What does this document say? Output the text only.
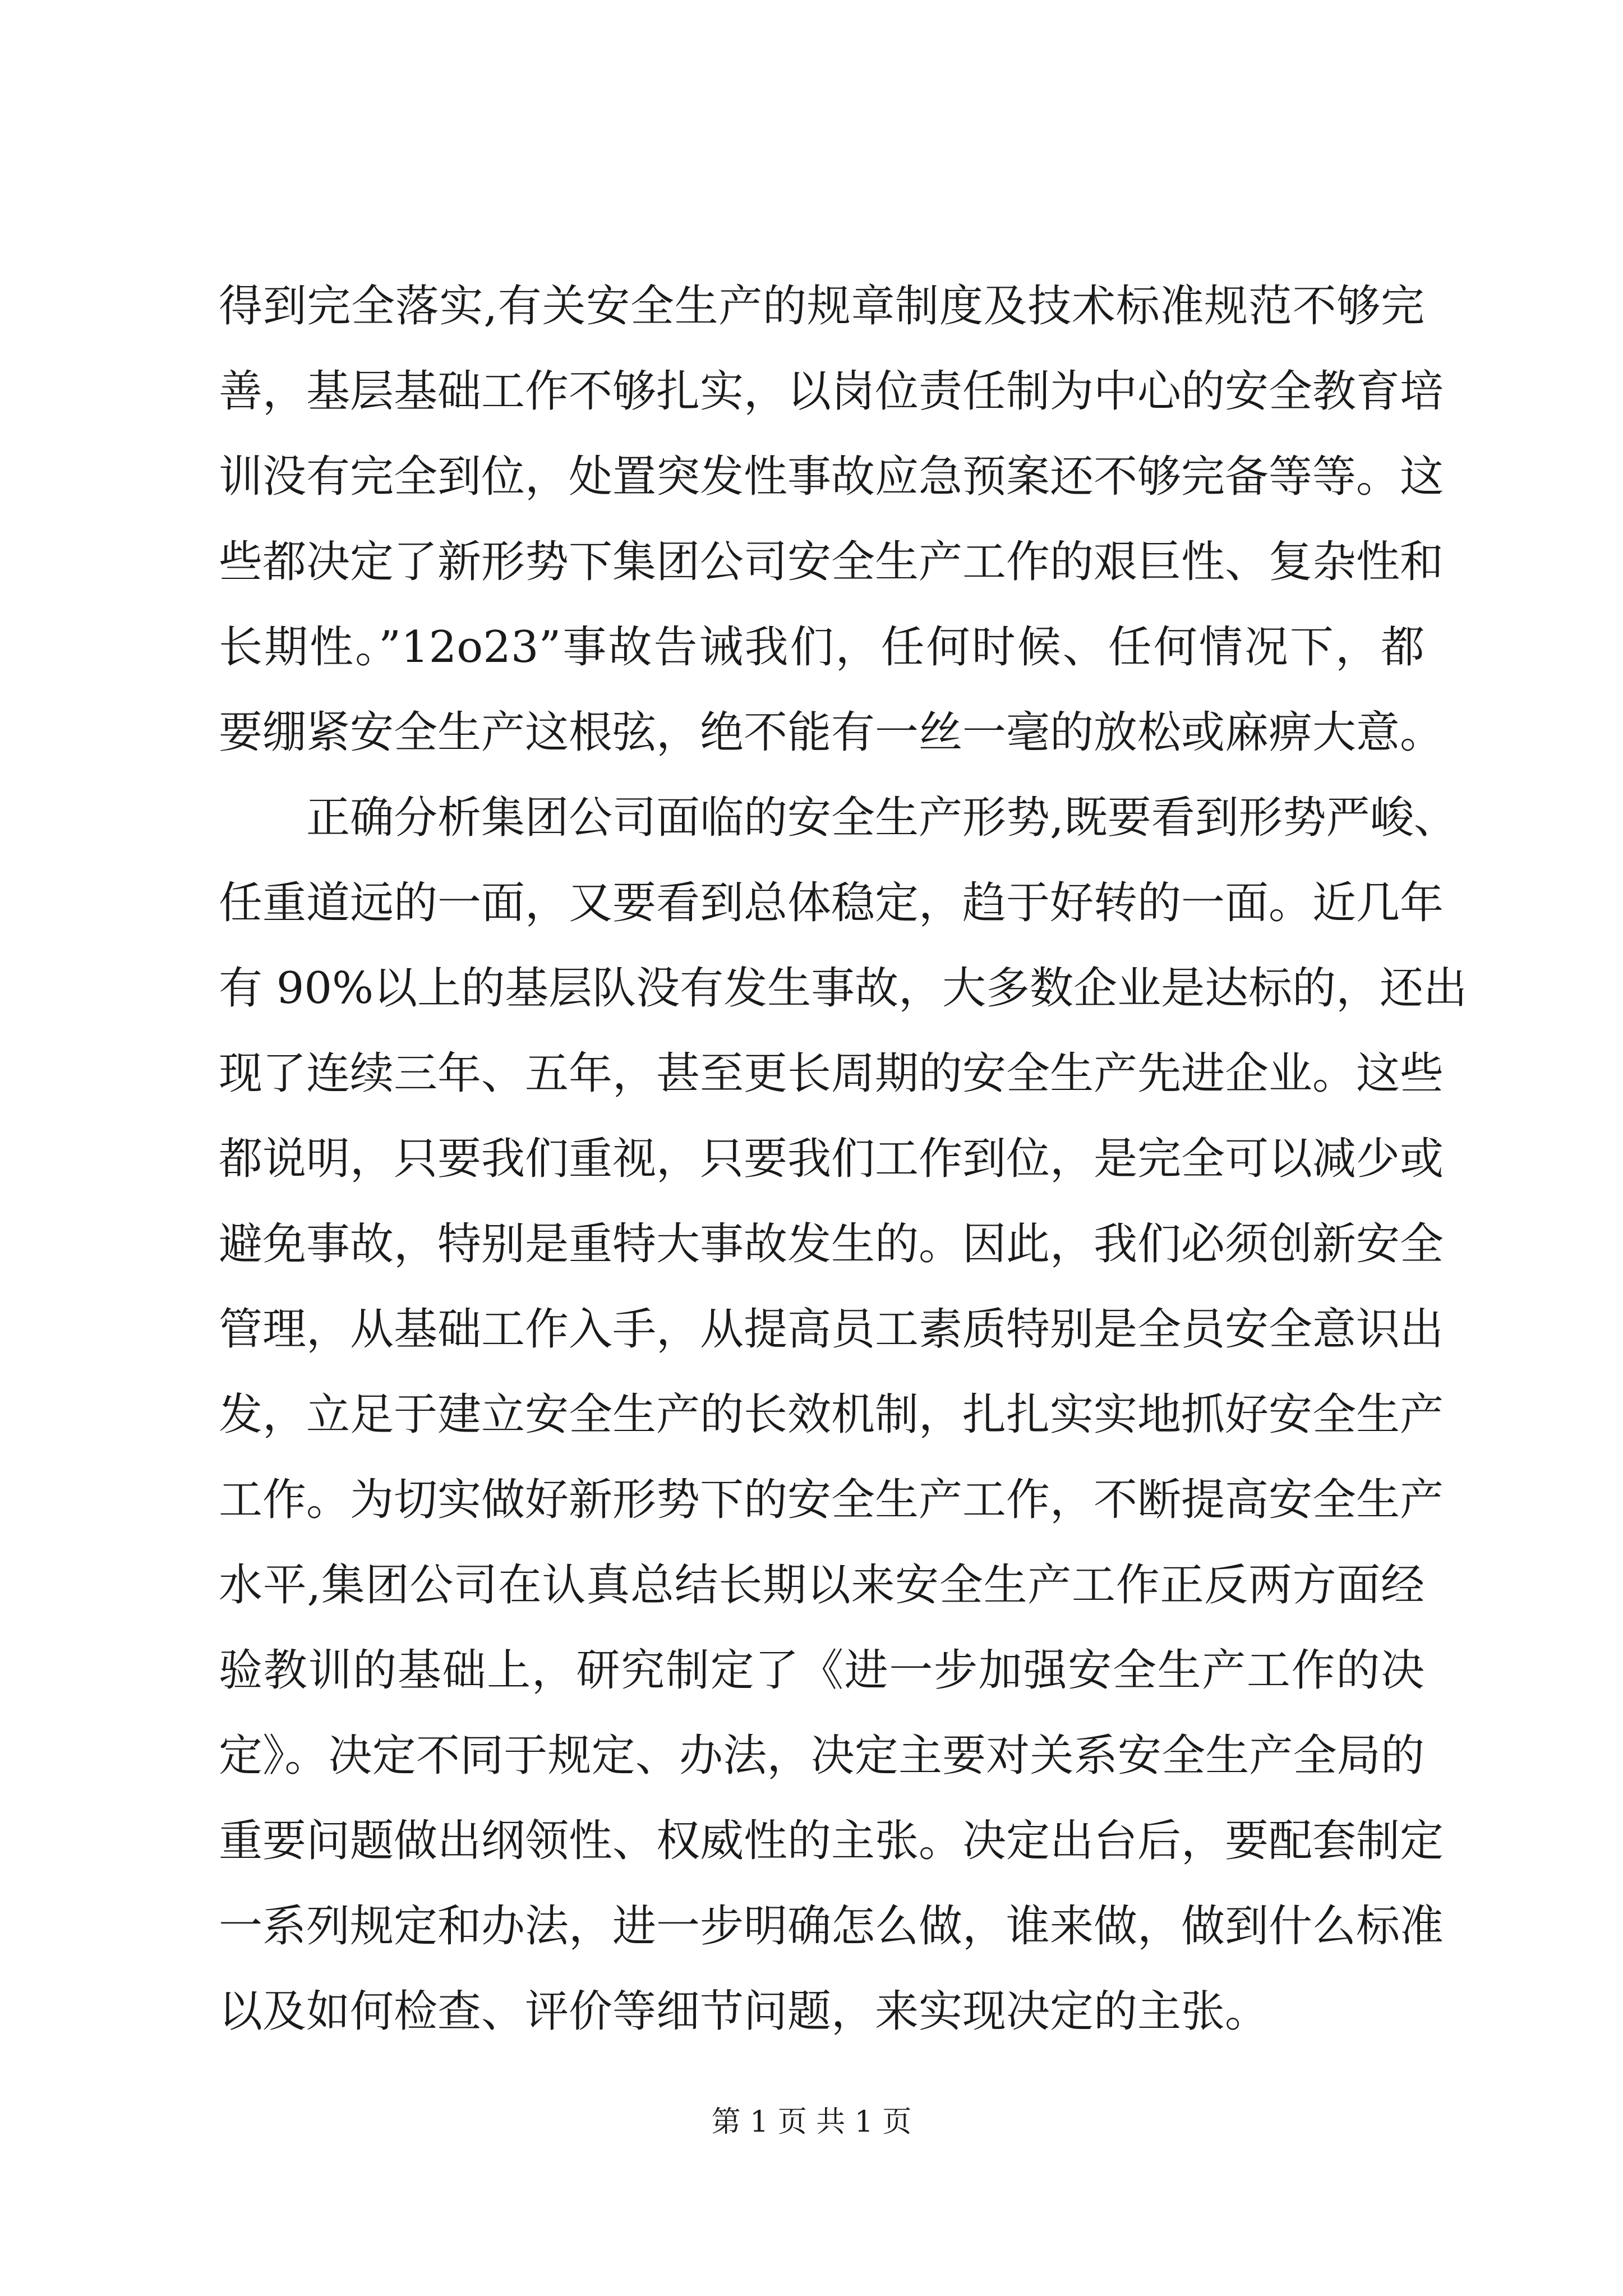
得到完全落实,有关安全生产的规章制度及技术标准规范不够完
善，基层基础工作不够扎实，以岗位责任制为中心的安全教育培
训没有完全到位，处置突发性事故应急预案还不够完备等等。这
些都决定了新形势下集团公司安全生产工作的艰巨性、复杂性和
长期性。”12o23”事故告诫我们，任何时候、任何情况下，都
要绷紧安全生产这根弦，绝不能有一丝一毫的放松或麻痹大意。
正确分析集团公司面临的安全生产形势,既要看到形势严峻、
任重道远的一面，又要看到总体稳定，趋于好转的一面。近几年
有 90%以上的基层队没有发生事故，大多数企业是达标的，还出
现了连续三年、五年，甚至更长周期的安全生产先进企业。这些
都说明，只要我们重视，只要我们工作到位，是完全可以减少或
避免事故，特别是重特大事故发生的。因此，我们必须创新安全
管理，从基础工作入手，从提高员工素质特别是全员安全意识出
发，立足于建立安全生产的长效机制，扎扎实实地抓好安全生产
工作。为切实做好新形势下的安全生产工作，不断提高安全生产
水平,集团公司在认真总结长期以来安全生产工作正反两方面经
验教训的基础上，研究制定了《进一步加强安全生产工作的决
定》。决定不同于规定、办法，决定主要对关系安全生产全局的
重要问题做出纲领性、权威性的主张。决定出台后，要配套制定
一系列规定和办法，进一步明确怎么做，谁来做，做到什么标准
以及如何检查、评价等细节问题，来实现决定的主张。
第 1 页 共 1 页
